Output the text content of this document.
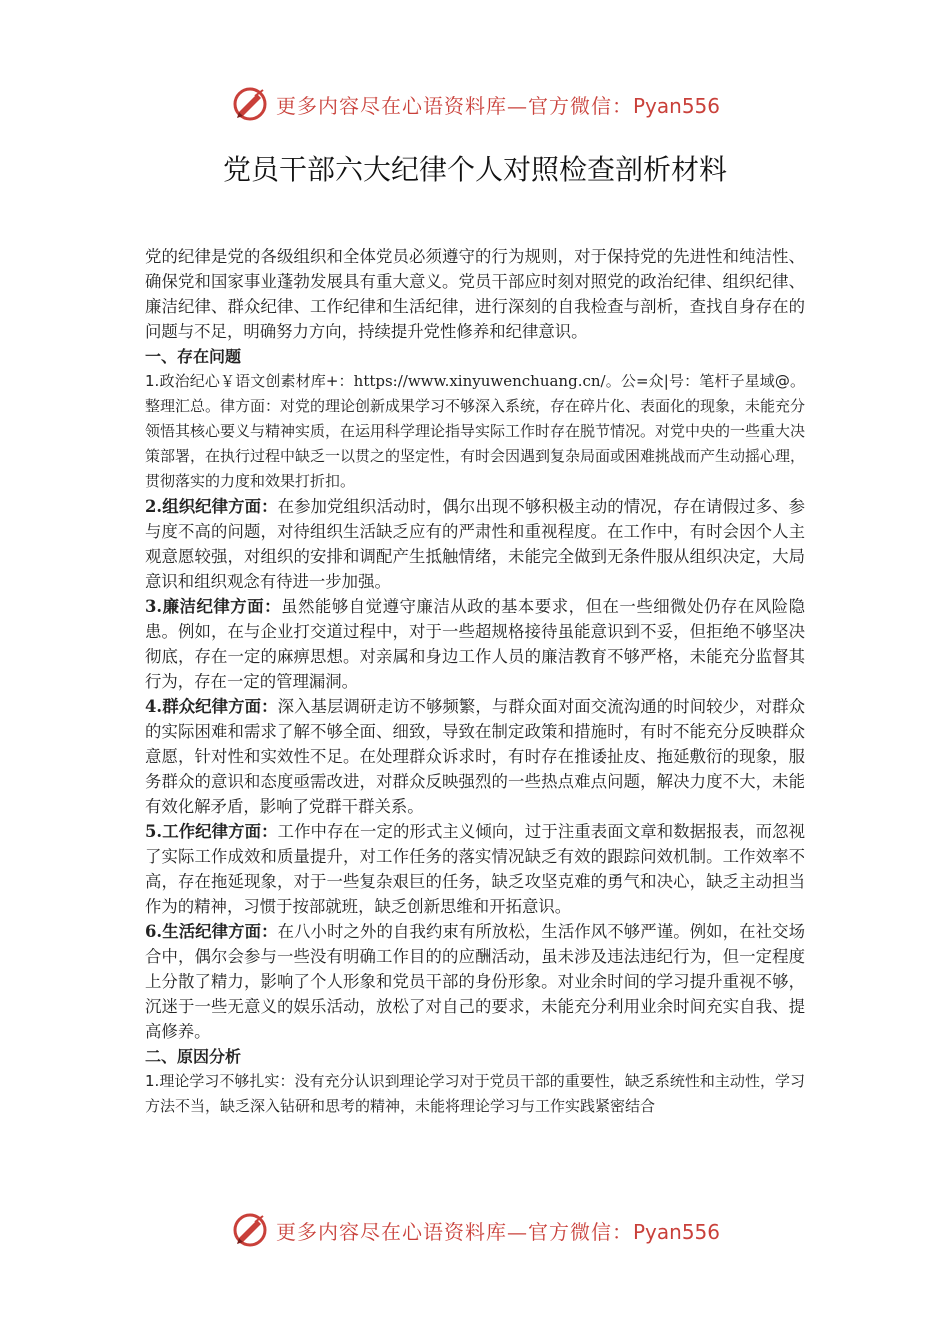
更多内容尽在心语资料库—官方微信：Pyan556
党员干部六大纪律个人对照检查剖析材料

党的纪律是党的各级组织和全体党员必须遵守的行为规则，对于保持党的先进性和纯洁性、确保党和国家事业蓬勃发展具有重大意义。党员干部应时刻对照党的政治纪律、组织纪律、廉洁纪律、群众纪律、工作纪律和生活纪律，进行深刻的自我检查与剖析，查找自身存在的问题与不足，明确努力方向，持续提升党性修养和纪律意识。

一、存在问题

1.政治纪心￥语文创素材库+：https://www.xinyuwenchuang.cn/。公=众|号：笔杆子星域@。整理汇总。律方面：对党的理论创新成果学习不够深入系统，存在碎片化、表面化的现象，未能充分领悟其核心要义与精神实质，在运用科学理论指导实际工作时存在脱节情况。对党中央的一些重大决策部署，在执行过程中缺乏一以贯之的坚定性，有时会因遇到复杂局面或困难挑战而产生动摇心理，贯彻落实的力度和效果打折扣。

2.组织纪律方面：在参加党组织活动时，偶尔出现不够积极主动的情况，存在请假过多、参与度不高的问题，对待组织生活缺乏应有的严肃性和重视程度。在工作中，有时会因个人主观意愿较强，对组织的安排和调配产生抵触情绪，未能完全做到无条件服从组织决定，大局意识和组织观念有待进一步加强。

3.廉洁纪律方面：虽然能够自觉遵守廉洁从政的基本要求，但在一些细微处仍存在风险隐患。例如，在与企业打交道过程中，对于一些超规格接待虽能意识到不妥，但拒绝不够坚决彻底，存在一定的麻痹思想。对亲属和身边工作人员的廉洁教育不够严格，未能充分监督其行为，存在一定的管理漏洞。

4.群众纪律方面：深入基层调研走访不够频繁，与群众面对面交流沟通的时间较少，对群众的实际困难和需求了解不够全面、细致，导致在制定政策和措施时，有时不能充分反映群众意愿，针对性和实效性不足。在处理群众诉求时，有时存在推诿扯皮、拖延敷衍的现象，服务群众的意识和态度亟需改进，对群众反映强烈的一些热点难点问题，解决力度不大，未能有效化解矛盾，影响了党群干群关系。

5.工作纪律方面：工作中存在一定的形式主义倾向，过于注重表面文章和数据报表，而忽视了实际工作成效和质量提升，对工作任务的落实情况缺乏有效的跟踪问效机制。工作效率不高，存在拖延现象，对于一些复杂艰巨的任务，缺乏攻坚克难的勇气和决心，缺乏主动担当作为的精神，习惯于按部就班，缺乏创新思维和开拓意识。

6.生活纪律方面：在八小时之外的自我约束有所放松，生活作风不够严谨。例如，在社交场合中，偶尔会参与一些没有明确工作目的的应酬活动，虽未涉及违法违纪行为，但一定程度上分散了精力，影响了个人形象和党员干部的身份形象。对业余时间的学习提升重视不够，沉迷于一些无意义的娱乐活动，放松了对自己的要求，未能充分利用业余时间充实自我、提高修养。

二、原因分析

1.理论学习不够扎实：没有充分认识到理论学习对于党员干部的重要性，缺乏系统性和主动性，学习方法不当，缺乏深入钻研和思考的精神，未能将理论学习与工作实践紧密结合

更多内容尽在心语资料库—官方微信：Pyan556
